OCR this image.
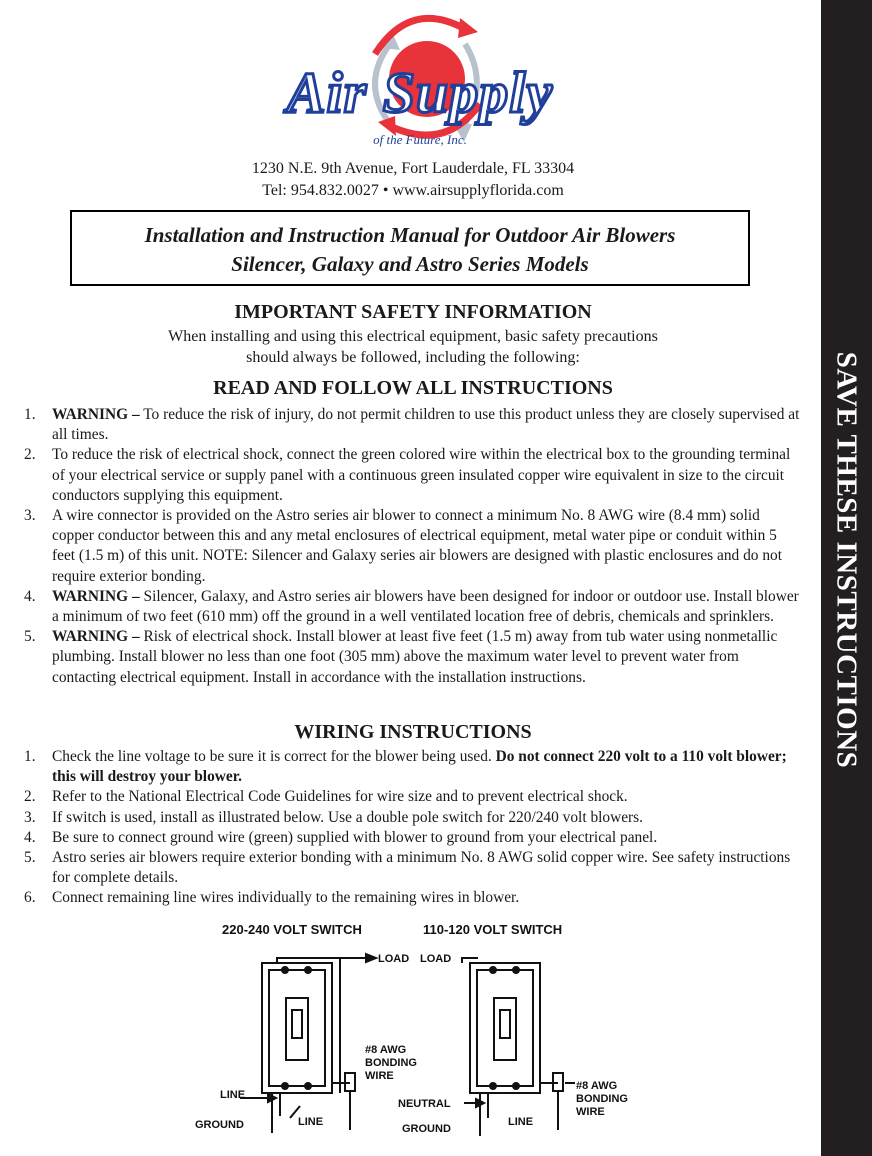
Air Supply
of the Future, Inc.
1230 N.E. 9th Avenue, Fort Lauderdale, FL 33304
Tel: 954.832.0027 • www.airsupplyflorida.com
Installation and Instruction Manual for Outdoor Air Blowers
Silencer, Galaxy and Astro Series Models
IMPORTANT SAFETY INFORMATION
When installing and using this electrical equipment, basic safety precautions
should always be followed, including the following:
READ AND FOLLOW ALL INSTRUCTIONS
1. WARNING – To reduce the risk of injury, do not permit children to use this product unless they are closely supervised at all times.
2. To reduce the risk of electrical shock, connect the green colored wire within the electrical box to the grounding terminal of your electrical service or supply panel with a continuous green insulated copper wire equivalent in size to the circuit conductors supplying this equipment.
3. A wire connector is provided on the Astro series air blower to connect a minimum No. 8 AWG wire (8.4 mm) solid copper conductor between this and any metal enclosures of electrical equipment, metal water pipe or conduit within 5 feet (1.5 m) of this unit. NOTE: Silencer and Galaxy series air blowers are designed with plastic enclosures and do not require exterior bonding.
4. WARNING – Silencer, Galaxy, and Astro series air blowers have been designed for indoor or outdoor use. Install blower a minimum of two feet (610 mm) off the ground in a well ventilated location free of debris, chemicals and sprinklers.
5. WARNING – Risk of electrical shock. Install blower at least five feet (1.5 m) away from tub water using nonmetallic plumbing. Install blower no less than one foot (305 mm) above the maximum water level to prevent water from contacting electrical equipment. Install in accordance with the installation instructions.
WIRING INSTRUCTIONS
1. Check the line voltage to be sure it is correct for the blower being used. Do not connect 220 volt to a 110 volt blower; this will destroy your blower.
2. Refer to the National Electrical Code Guidelines for wire size and to prevent electrical shock.
3. If switch is used, install as illustrated below. Use a double pole switch for 220/240 volt blowers.
4. Be sure to connect ground wire (green) supplied with blower to ground from your electrical panel.
5. Astro series air blowers require exterior bonding with a minimum No. 8 AWG solid copper wire. See safety instructions for complete details.
6. Connect remaining line wires individually to the remaining wires in blower.
220-240 VOLT SWITCH	110-120 VOLT SWITCH
LOAD
LINE
GROUND	LINE
#8 AWG
BONDING
WIRE
LOAD
NEUTRAL
GROUND
LINE
#8 AWG
BONDING
WIRE
SAVE THESE INSTRUCTIONS
